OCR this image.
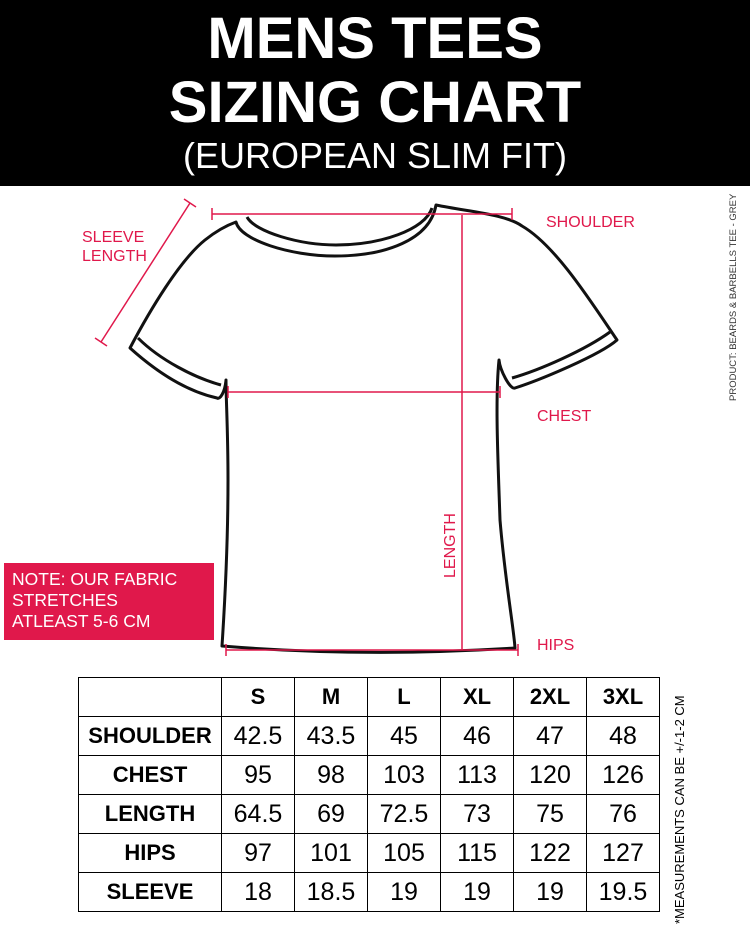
MENS TEES
SIZING CHART
(EUROPEAN SLIM FIT)
SLEEVE
LENGTH
SHOULDER
CHEST
LENGTH
HIPS
PRODUCT: BEARDS & BARBELLS TEE - GREY
NOTE: OUR FABRIC
STRETCHES
ATLEAST 5-6 CM
	S	M	L	XL	2XL	3XL
SHOULDER	42.5	43.5	45	46	47	48
CHEST	95	98	103	113	120	126
LENGTH	64.5	69	72.5	73	75	76
HIPS	97	101	105	115	122	127
SLEEVE	18	18.5	19	19	19	19.5 *MEASUREMENTS CAN BE +/-1-2 CM
